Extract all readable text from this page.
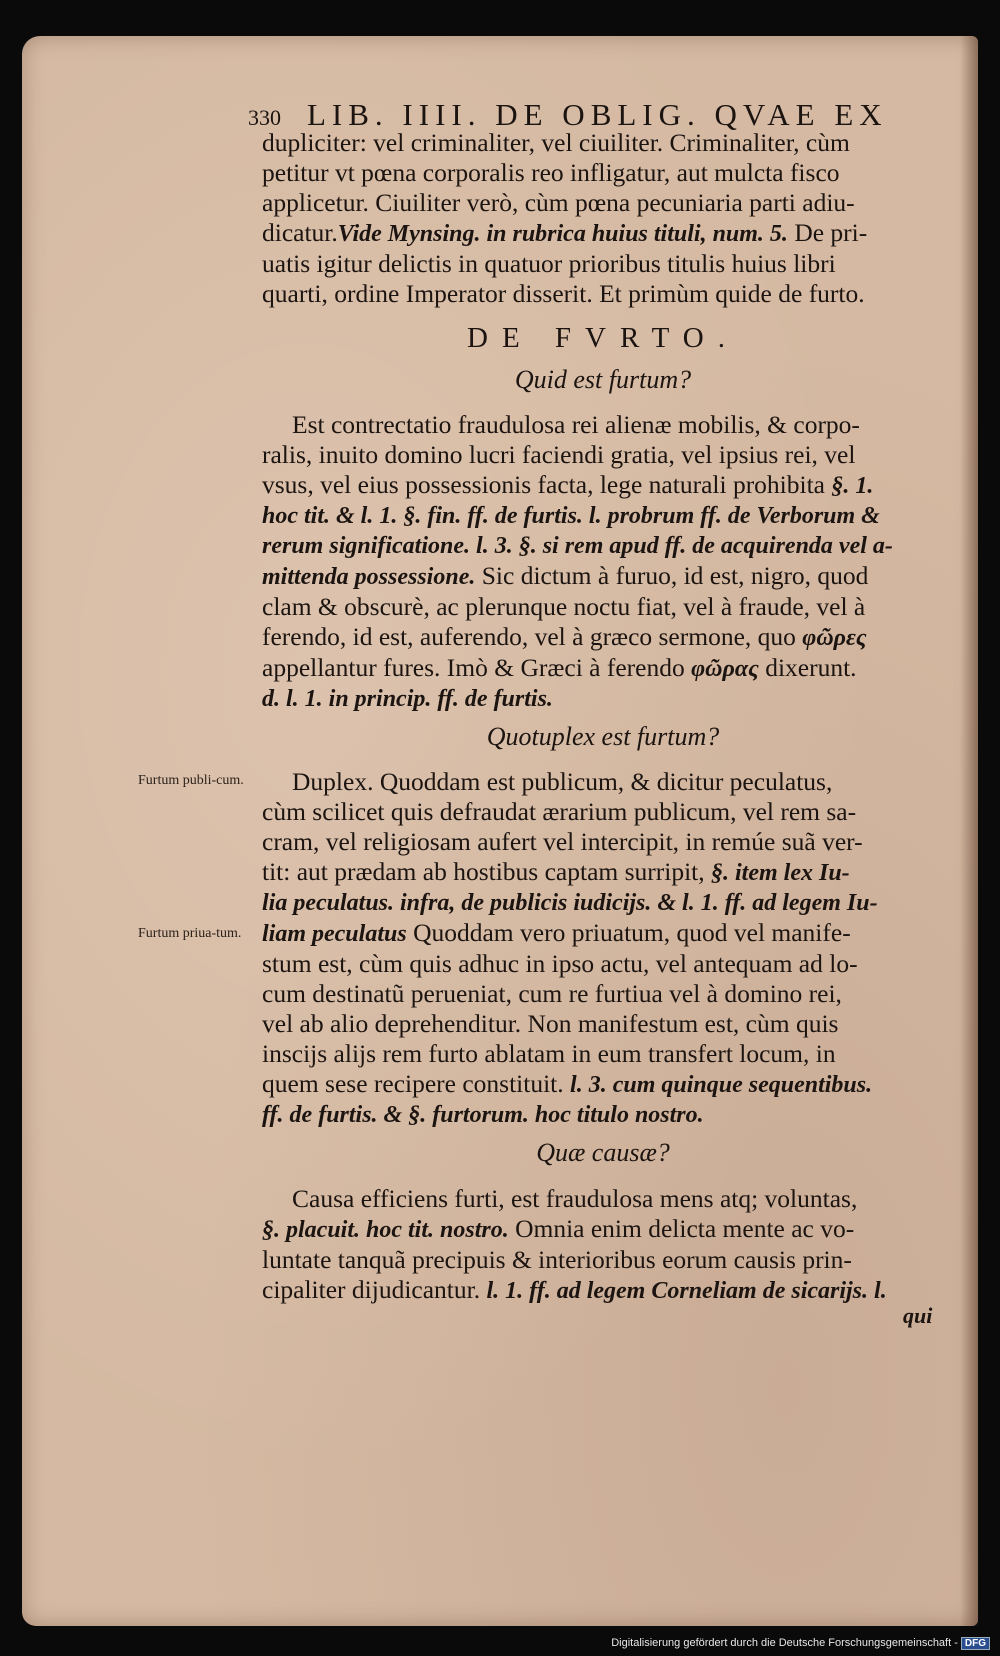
330 LIB. IIII. DE OBLIG. QVAE EX
dupliciter: vel criminaliter, vel ciuiliter. Criminaliter, cùm
petitur vt pœna corporalis reo infligatur, aut mulcta fisco
applicetur. Ciuiliter verò, cùm pœna pecuniaria parti adiu-
dicatur.Vide Mynsing. in rubrica huius tituli, num. 5. De pri-
uatis igitur delictis in quatuor prioribus titulis huius libri
quarti, ordine Imperator disserit. Et primùm quide de furto.
DE FVRTO.
Quid est furtum?
Est contrectatio fraudulosa rei alienæ mobilis, & corpo-
ralis, inuito domino lucri faciendi gratia, vel ipsius rei, vel
vsus, vel eius possessionis facta, lege naturali prohibita §. 1.
hoc tit. & l. 1. §. fin. ff. de furtis. l. probrum ff. de Verborum &
rerum significatione. l. 3. §. si rem apud ff. de acquirenda vel a-
mittenda possessione. Sic dictum à furuo, id est, nigro, quod
clam & obscurè, ac plerunque noctu fiat, vel à fraude, vel à
ferendo, id est, auferendo, vel à græco sermone, quo φῶρες
appellantur fures. Imò & Græci à ferendo φῶρας dixerunt.
d. l. 1. in princip. ff. de furtis.
Quotuplex est furtum?
Furtum publi-cum.
Furtum priua-tum.
Duplex. Quoddam est publicum, & dicitur peculatus,
cùm scilicet quis defraudat ærarium publicum, vel rem sa-
cram, vel religiosam aufert vel intercipit, in remúe suã ver-
tit: aut prædam ab hostibus captam surripit, §. item lex Iu-
lia peculatus. infra, de publicis iudicijs. & l. 1. ff. ad legem Iu-
liam peculatus Quoddam vero priuatum, quod vel manife-
stum est, cùm quis adhuc in ipso actu, vel antequam ad lo-
cum destinatũ perueniat, cum re furtiua vel à domino rei,
vel ab alio deprehenditur. Non manifestum est, cùm quis
inscijs alijs rem furto ablatam in eum transfert locum, in
quem sese recipere constituit. l. 3. cum quinque sequentibus.
ff. de furtis. & §. furtorum. hoc titulo nostro.
Quæ causæ?
Causa efficiens furti, est fraudulosa mens atq; voluntas,
§. placuit. hoc tit. nostro. Omnia enim delicta mente ac vo-
luntate tanquã precipuis & interioribus eorum causis prin-
cipaliter dijudicantur. l. 1. ff. ad legem Corneliam de sicarijs. l.
qui
Digitalisierung gefördert durch die Deutsche Forschungsgemeinschaft - DFG
